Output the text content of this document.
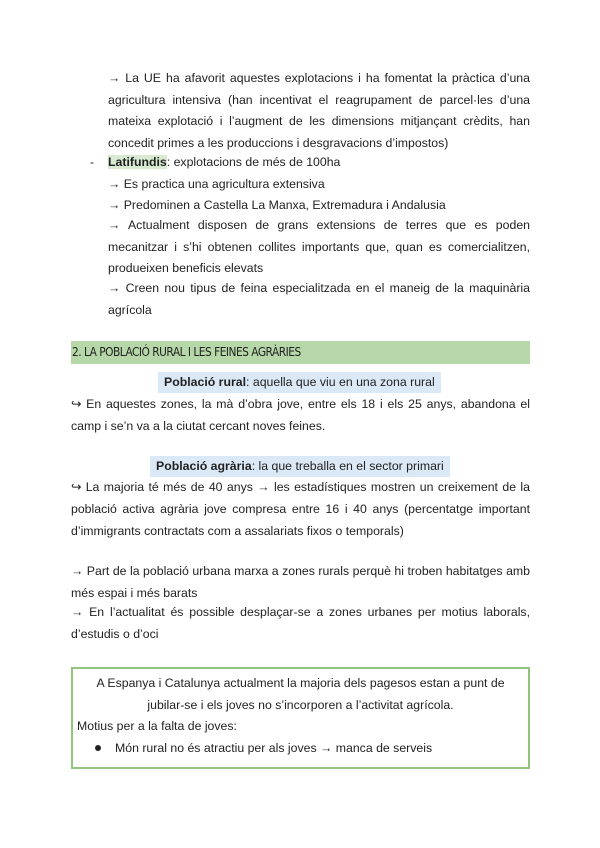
→ La UE ha afavorit aquestes explotacions i ha fomentat la pràctica d’una agricultura intensiva (han incentivat el reagrupament de parcel·les d’una mateixa explotació i l’augment de les dimensions mitjançant crèdits, han concedit primes a les produccions i desgravacions d’impostos)

- Latifundis: explotacions de més de 100ha

→ Es practica una agricultura extensiva

→ Predominen a Castella La Manxa, Extremadura i Andalusia

→ Actualment disposen de grans extensions de terres que es poden mecanitzar i s’hi obtenen collites importants que, quan es comercialitzen, produeixen beneficis elevats

→ Creen nou tipus de feina especialitzada en el maneig de la maquinària agrícola

2. LA POBLACIÓ RURAL I LES FEINES AGRÀRIES
Població rural: aquella que viu en una zona rural

↪ En aquestes zones, la mà d’obra jove, entre els 18 i els 25 anys, abandona el camp i se’n va a la ciutat cercant noves feines.

Població agrària: la que treballa en el sector primari

↪ La majoria té més de 40 anys → les estadístiques mostren un creixement de la població activa agrària jove compresa entre 16 i 40 anys (percentatge important d’immigrants contractats com a assalariats fixos o temporals)

→ Part de la població urbana marxa a zones rurals perquè hi troben habitatges amb més espai i més barats

→ En l’actualitat és possible desplaçar-se a zones urbanes per motius laborals, d’estudis o d’oci

A Espanya i Catalunya actualment la majoria dels pagesos estan a punt de

jubilar-se i els joves no s’incorporen a l’activitat agrícola.

Motius per a la falta de joves:

Món rural no és atractiu per als joves → manca de serveis
